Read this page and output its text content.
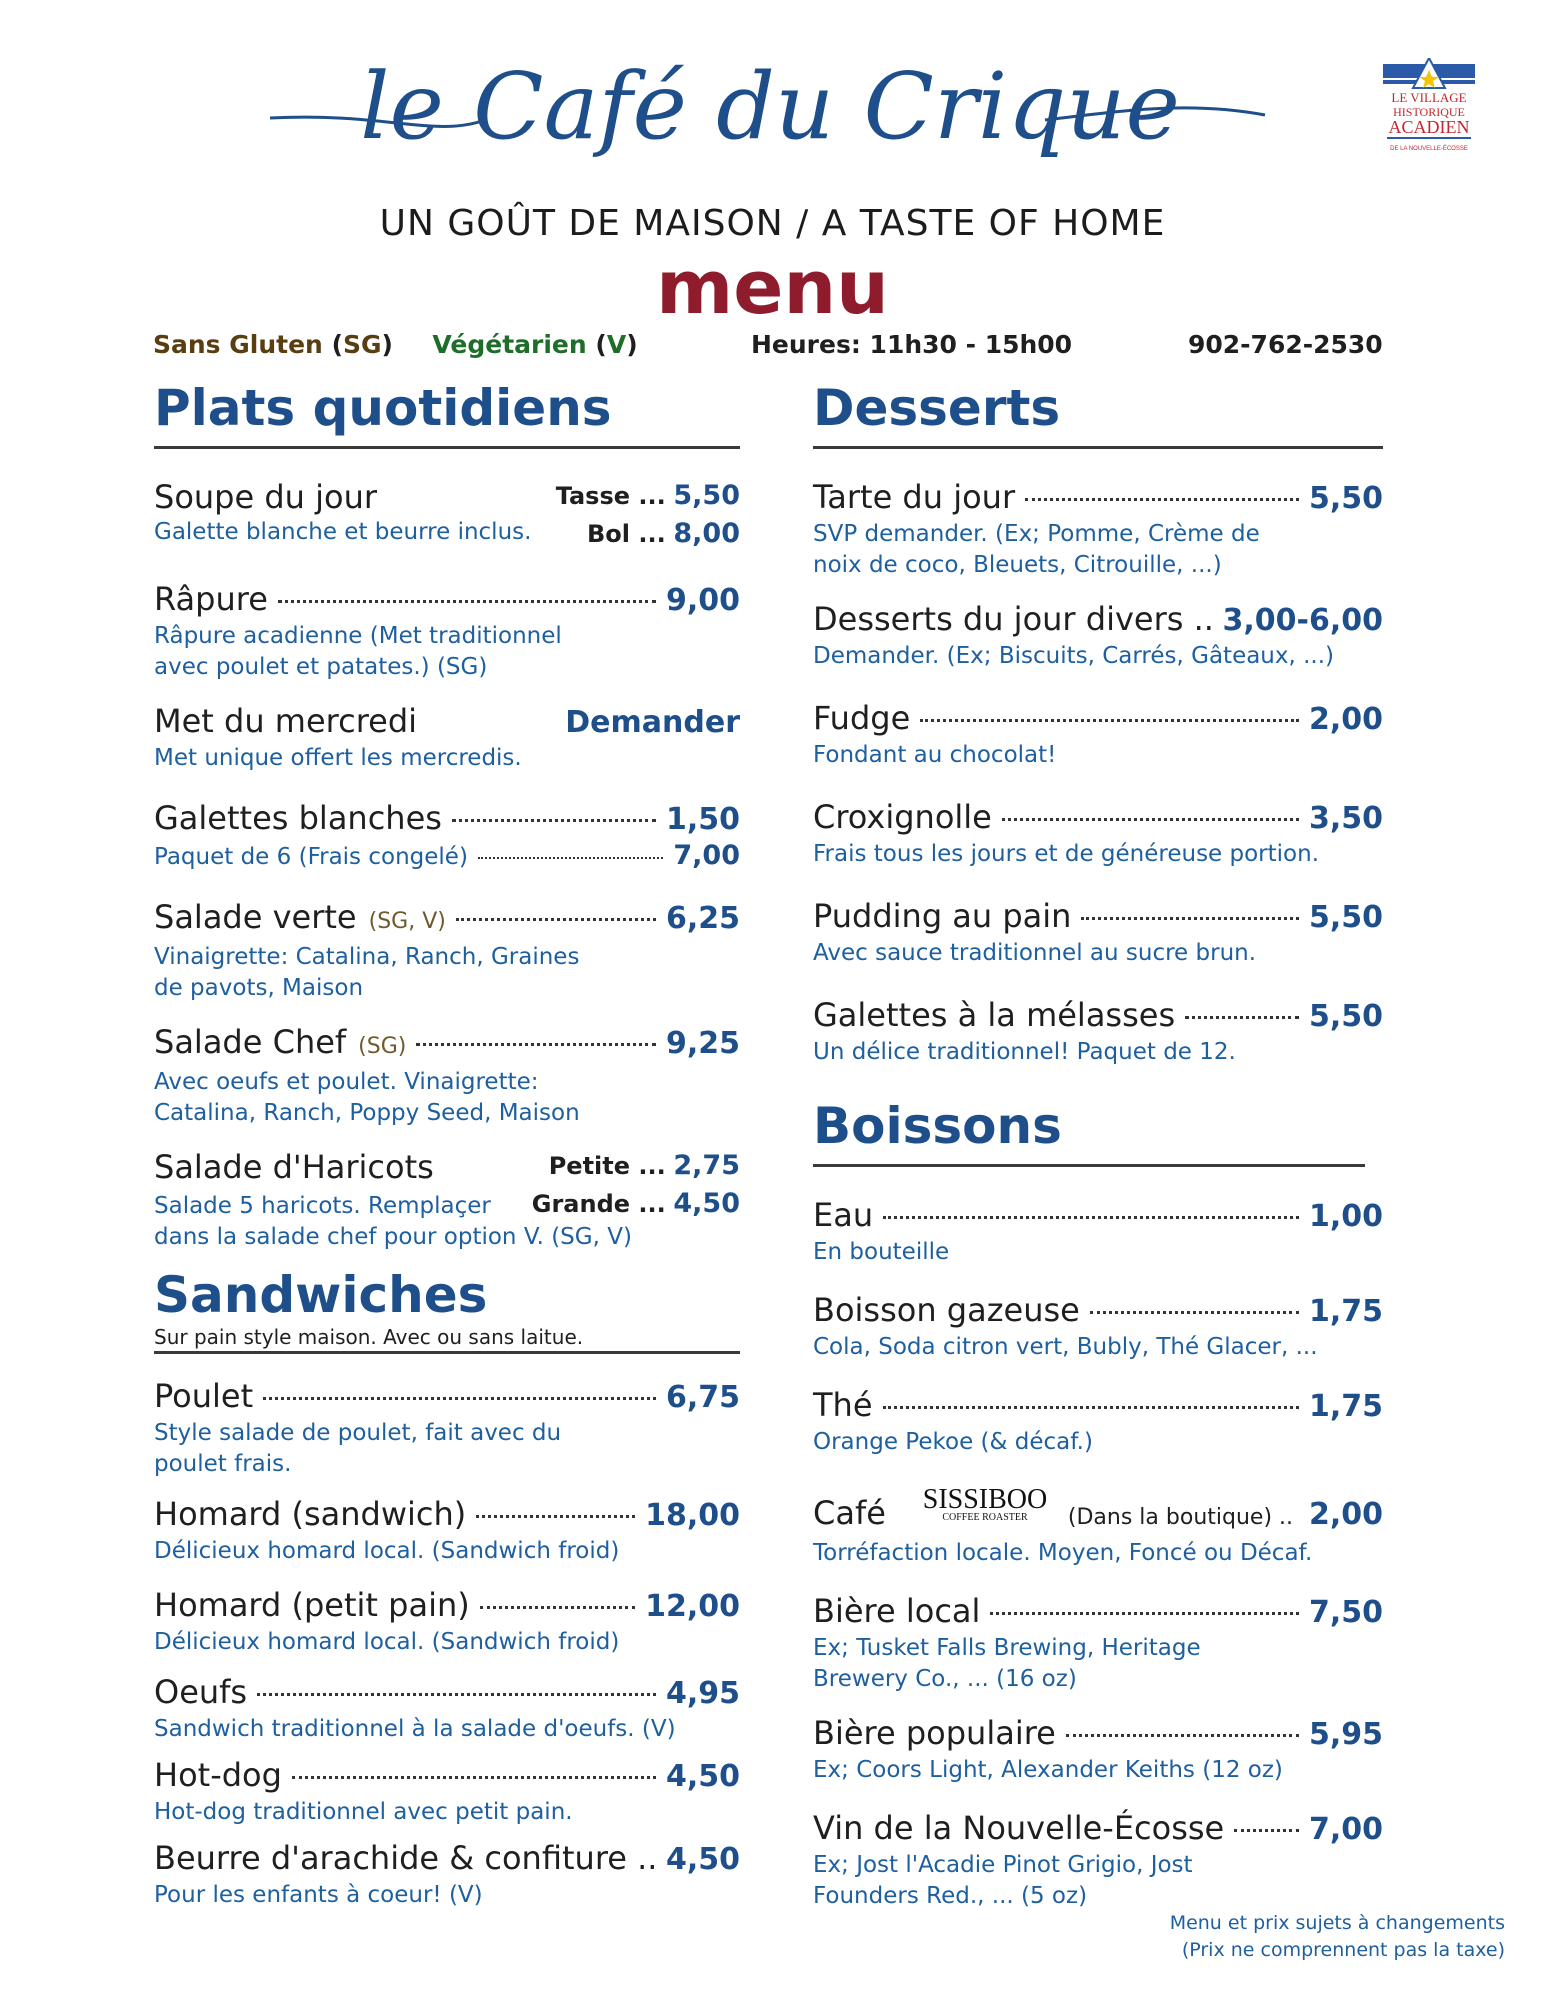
le Café du Crique	LE VILLAGE
HISTORIQUE
ACADIEN
DE LA NOUVELLE-ÉCOSSE
UN GOÛT DE MAISON / A TASTE OF HOME
menu
Sans Gluten (SG) Végétarien (V)	Heures: 11h30 - 15h00	902-762-2530
Plats quotidiens
Soupe du jour
Galette blanche et beurre inclus.
Tasse ... 5,50
Bol ... 8,00
Râpure	9,00
Râpure acadienne (Met traditionnel
avec poulet et patates.) (SG)
Met du mercredi	Demander
Met unique offert les mercredis.
Galettes blanches	1,50
Paquet de 6 (Frais congelé)	7,00
Salade verte (SG, V)	6,25
Vinaigrette: Catalina, Ranch, Graines
de pavots, Maison
Salade Chef (SG)	9,25
Avec oeufs et poulet. Vinaigrette:
Catalina, Ranch, Poppy Seed, Maison
Salade d'Haricots
Salade 5 haricots. Remplaçer
dans la salade chef pour option V. (SG, V)
Petite ... 2,75
Grande ... 4,50
Sandwiches
Sur pain style maison. Avec ou sans laitue.
Poulet	6,75
Style salade de poulet, fait avec du
poulet frais.
Homard (sandwich)	18,00
Délicieux homard local. (Sandwich froid)
Homard (petit pain)	12,00
Délicieux homard local. (Sandwich froid)
Oeufs	4,95
Sandwich traditionnel à la salade d'oeufs. (V)
Hot-dog	4,50
Hot-dog traditionnel avec petit pain.
Beurre d'arachide & confiture .. 4,50
Pour les enfants à coeur! (V)
Desserts
Tarte du jour	5,50
SVP demander. (Ex; Pomme, Crème de
noix de coco, Bleuets, Citrouille, ...)
Desserts du jour divers .. 3,00-6,00
Demander. (Ex; Biscuits, Carrés, Gâteaux, ...)
Fudge	2,00
Fondant au chocolat!
Croxignolle	3,50
Frais tous les jours et de généreuse portion.
Pudding au pain	5,50
Avec sauce traditionnel au sucre brun.
Galettes à la mélasses	5,50
Un délice traditionnel! Paquet de 12.
Boissons
Eau	1,00
En bouteille
Boisson gazeuse	1,75
Cola, Soda citron vert, Bubly, Thé Glacer, ...
Thé	1,75
Orange Pekoe (& décaf.)
Café SISSIBOO
COFFEE ROASTER (Dans la boutique) .. 2,00
Torréfaction locale. Moyen, Foncé ou Décaf.
Bière local	7,50
Ex; Tusket Falls Brewing, Heritage
Brewery Co., ... (16 oz)
Bière populaire	5,95
Ex; Coors Light, Alexander Keiths (12 oz)
Vin de la Nouvelle-Écosse	7,00
Ex; Jost l'Acadie Pinot Grigio, Jost
Founders Red., ... (5 oz)
Menu et prix sujets à changements
(Prix ne comprennent pas la taxe)
